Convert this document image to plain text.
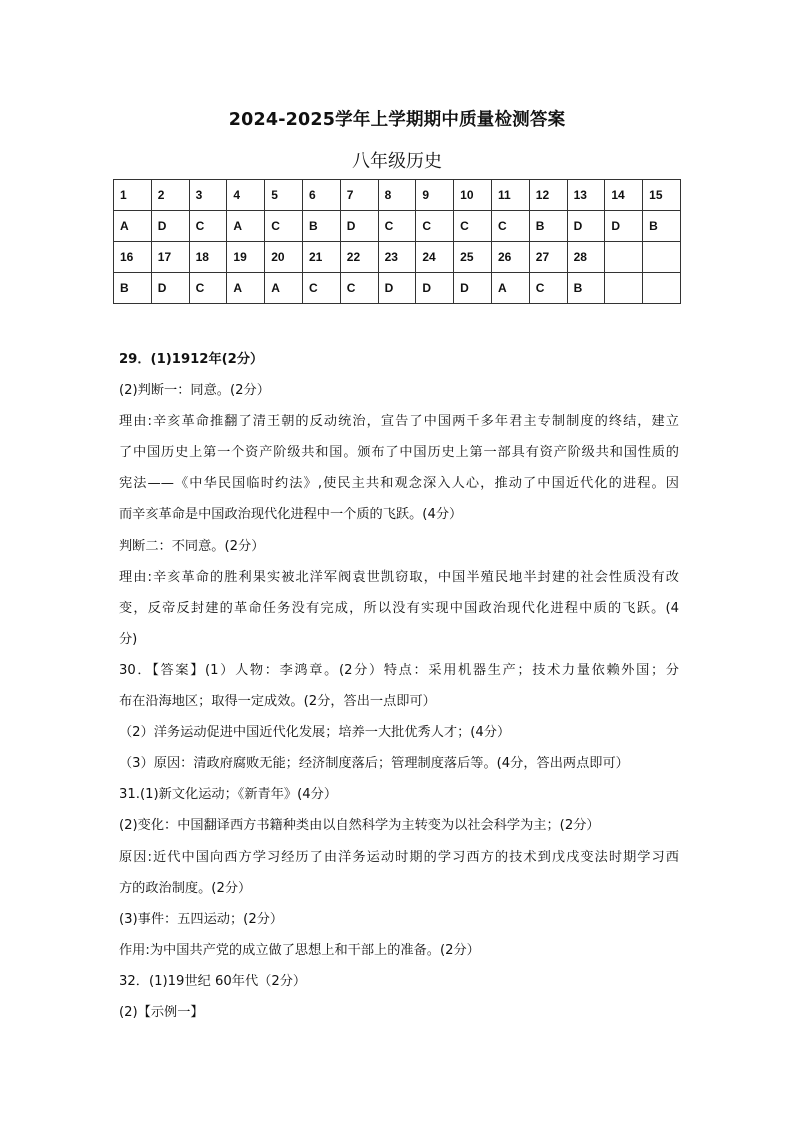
2024-2025学年上学期期中质量检测答案
八年级历史
1	2	3	4	5	6	7	8	9	10	11	12	13	14	15
A	D	C	A	C	B	D	C	C	C	C	B	D	D	B
16	17	18	19	20	21	22	23	24	25	26	27	28		
B	D	C	A	A	C	C	D	D	D	A	C	B		
29．(1)1912年(2分）
(2)判断一：同意。(2分）
理由:辛亥革命推翻了清王朝的反动统治，宣告了中国两千多年君主专制制度的终结，建立
了中国历史上第一个资产阶级共和国。颁布了中国历史上第一部具有资产阶级共和国性质的
宪法——《中华民国临时约法》,使民主共和观念深入人心，推动了中国近代化的进程。因
而辛亥革命是中国政治现代化进程中一个质的飞跃。(4分）
判断二：不同意。(2分）
理由:辛亥革命的胜利果实被北洋军阀袁世凯窃取，中国半殖民地半封建的社会性质没有改
变，反帝反封建的革命任务没有完成，所以没有实现中国政治现代化进程中质的飞跃。(4
分)
30．【答案】(1）人物：李鸿章。(2分）特点：采用机器生产；技术力量依赖外国；分
布在沿海地区；取得一定成效。(2分，答出一点即可）
（2）洋务运动促进中国近代化发展；培养一大批优秀人才；(4分）
（3）原因：清政府腐败无能；经济制度落后；管理制度落后等。(4分，答出两点即可）
31.(1)新文化运动；《新青年》(4分）
(2)变化：中国翻译西方书籍种类由以自然科学为主转变为以社会科学为主；(2分）
原因:近代中国向西方学习经历了由洋务运动时期的学习西方的技术到戊戌变法时期学习西
方的政治制度。(2分）
(3)事件：五四运动；(2分）
作用:为中国共产党的成立做了思想上和干部上的准备。(2分）
32．(1)19世纪 60年代（2分）
(2)【示例一】
